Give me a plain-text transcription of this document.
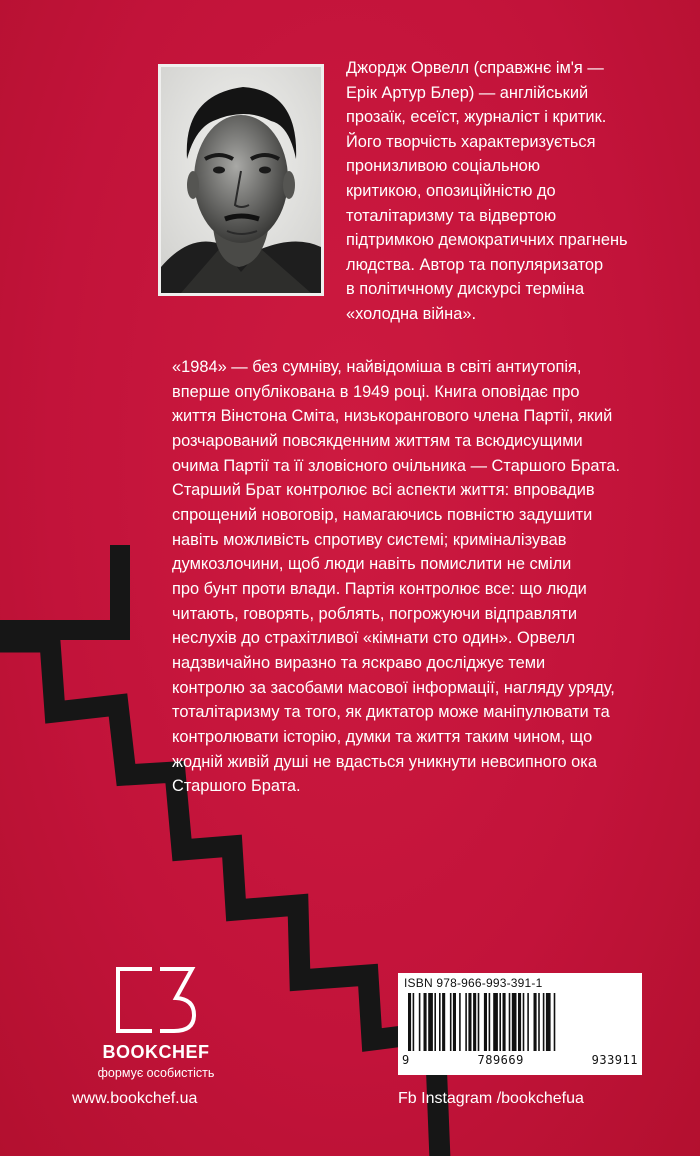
Джордж Орвелл (справжнє ім'я —
Ерік Артур Блер) — англійський
прозаїк, есеїст, журналіст і критик.
Його творчість характеризується
пронизливою соціальною
критикою, опозиційністю до
тоталітаризму та відвертою
підтримкою демократичних прагнень
людства. Автор та популяризатор
в політичному дискурсі терміна
«холодна війна».
«1984» — без сумніву, найвідоміша в світі антиутопія,
вперше опублікована в 1949 році. Книга оповідає про
життя Вінстона Сміта, низькорангового члена Партії, який
розчарований повсякденним життям та всюдисущими
очима Партії та її зловісного очільника — Старшого Брата.
Старший Брат контролює всі аспекти життя: впровадив
спрощений новоговір, намагаючись повністю задушити
навіть можливість спротиву системі; криміналізував
думкозлочини, щоб люди навіть помислити не сміли
про бунт проти влади. Партія контролює все: що люди
читають, говорять, роблять, погрожуючи відправляти
неслухів до страхітливої «кімнати сто один». Орвелл
надзвичайно виразно та яскраво досліджує теми
контролю за засобами масової інформації, нагляду уряду,
тоталітаризму та того, як диктатор може маніпулювати та
контролювати історію, думки та життя таким чином, що
жодній живій душі не вдасться уникнути невсипного ока
Старшого Брата.
BOOKCHEF
формує особистість
www.bookchef.ua
ISBN 978-966-993-391-1
9	789669	933911
Fb Instagram /bookchefua
